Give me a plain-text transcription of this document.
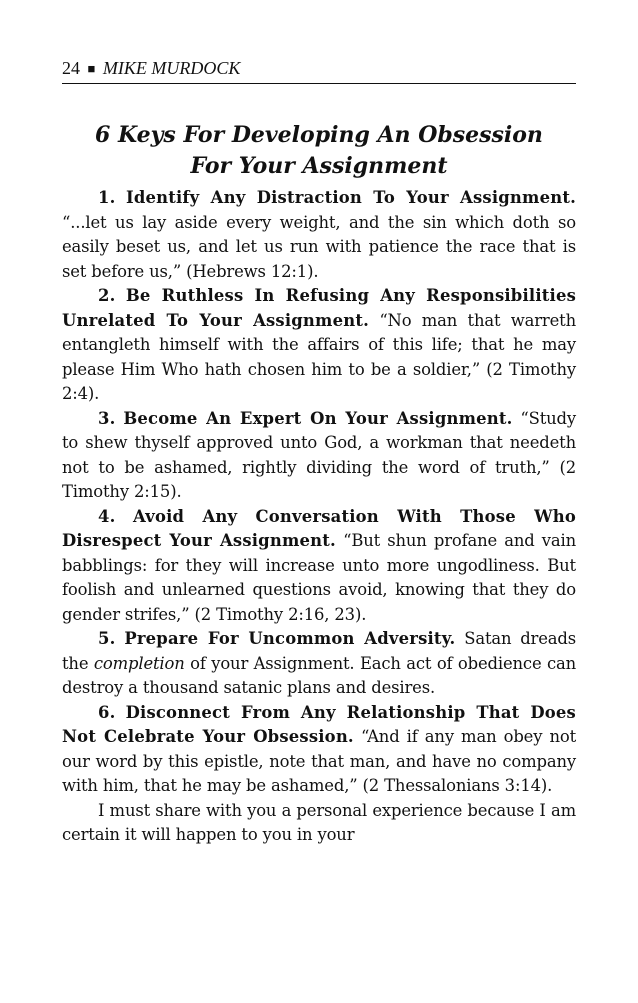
24 ■ MIKE MURDOCK
6 Keys For Developing An Obsession
For Your Assignment

1. Identify Any Distraction To Your Assignment. “...let us lay aside every weight, and the sin which doth so easily beset us, and let us run with patience the race that is set before us,” (Hebrews 12:1).

2. Be Ruthless In Refusing Any Responsibilities Unrelated To Your Assignment. “No man that warreth entangleth himself with the affairs of this life; that he may please Him Who hath chosen him to be a soldier,” (2 Timothy 2:4).

3. Become An Expert On Your Assignment. “Study to shew thyself approved unto God, a workman that needeth not to be ashamed, rightly dividing the word of truth,” (2 Timothy 2:15).

4. Avoid Any Conversation With Those Who Disrespect Your Assignment. “But shun profane and vain babblings: for they will increase unto more ungodliness. But foolish and unlearned questions avoid, knowing that they do gender strifes,” (2 Timothy 2:16, 23).

5. Prepare For Uncommon Adversity. Satan dreads the completion of your Assignment. Each act of obedience can destroy a thousand satanic plans and desires.

6. Disconnect From Any Relationship That Does Not Celebrate Your Obsession. “And if any man obey not our word by this epistle, note that man, and have no company with him, that he may be ashamed,” (2 Thessalonians 3:14).

I must share with you a personal experience because I am certain it will happen to you in your
